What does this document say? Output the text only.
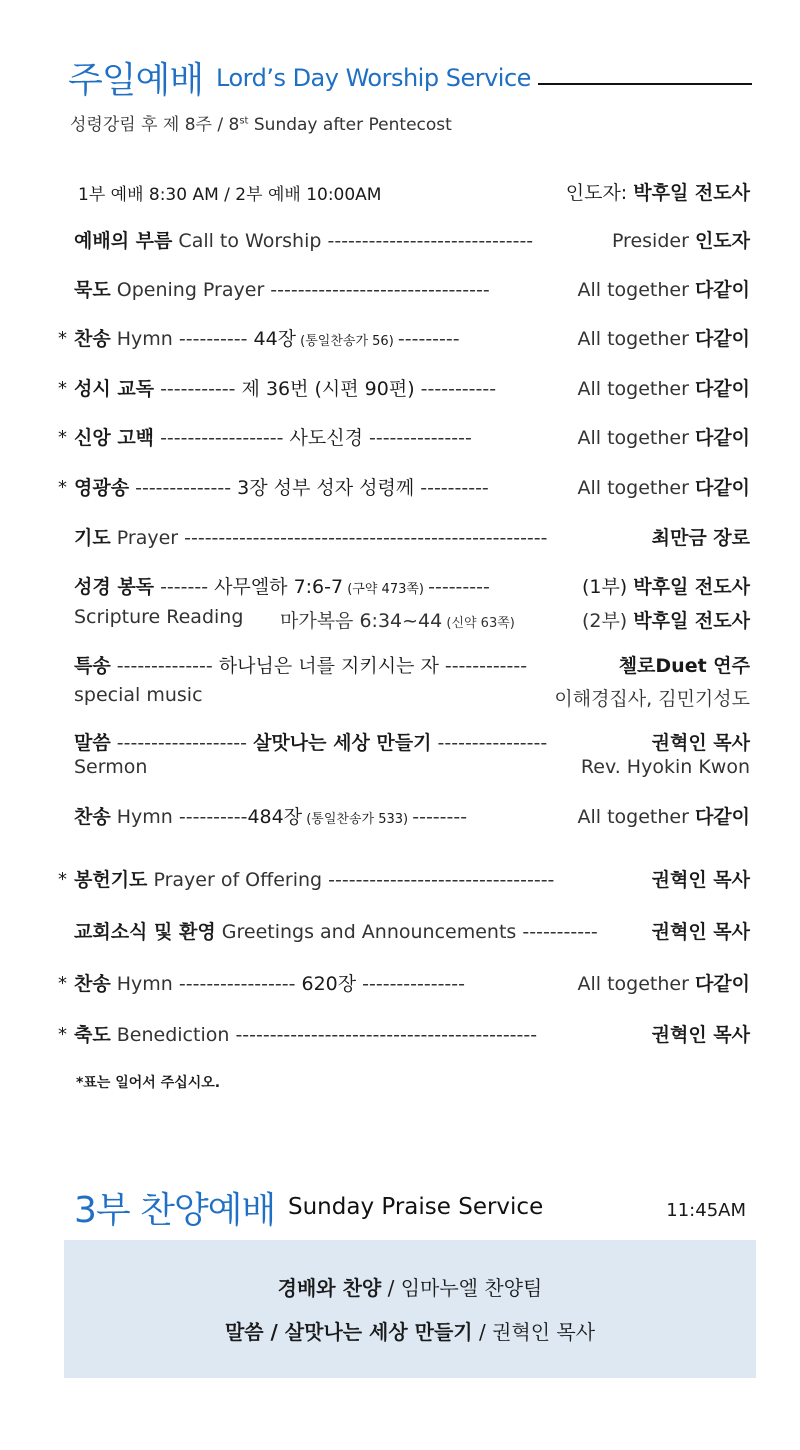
주일예배 Lord’s Day Worship Service
성령강림 후 제 8주 / 8st Sunday after Pentecost
1부 예배 8:30 AM / 2부 예배 10:00AM	인도자: 박후일 전도사
예배의 부름 Call to Worship ------------------------------	Presider 인도자
묵도 Opening Prayer --------------------------------	All together 다같이
* 찬송 Hymn ---------- 44장 (통일찬송가 56) ---------	All together 다같이
* 성시 교독 ----------- 제 36번 (시편 90편) -----------	All together 다같이
* 신앙 고백 ------------------ 사도신경 ---------------	All together 다같이
* 영광송 -------------- 3장 성부 성자 성령께 ----------	All together 다같이
기도 Prayer -----------------------------------------------------	최만금 장로
성경 봉독 ------- 사무엘하 7:6-7 (구약 473쪽) ---------	(1부) 박후일 전도사
Scripture Reading 마가복음 6:34~44 (신약 63쪽)	(2부) 박후일 전도사
특송 -------------- 하나님은 너를 지키시는 자 ------------	첼로Duet 연주
special music	이해경집사, 김민기성도
말씀 ------------------- 살맛나는 세상 만들기 ----------------	권혁인 목사
Sermon	Rev. Hyokin Kwon
찬송 Hymn ----------484장 (통일찬송가 533) --------	All together 다같이
* 봉헌기도 Prayer of Offering ---------------------------------	권혁인 목사
교회소식 및 환영 Greetings and Announcements -----------	권혁인 목사
* 찬송 Hymn ----------------- 620장 ---------------	All together 다같이
* 축도 Benediction --------------------------------------------	권혁인 목사
*표는 일어서 주십시오.
3부 찬양예배 Sunday Praise Service	11:45AM
경배와 찬양 / 임마누엘 찬양팀
말씀 / 살맛나는 세상 만들기 / 권혁인 목사
